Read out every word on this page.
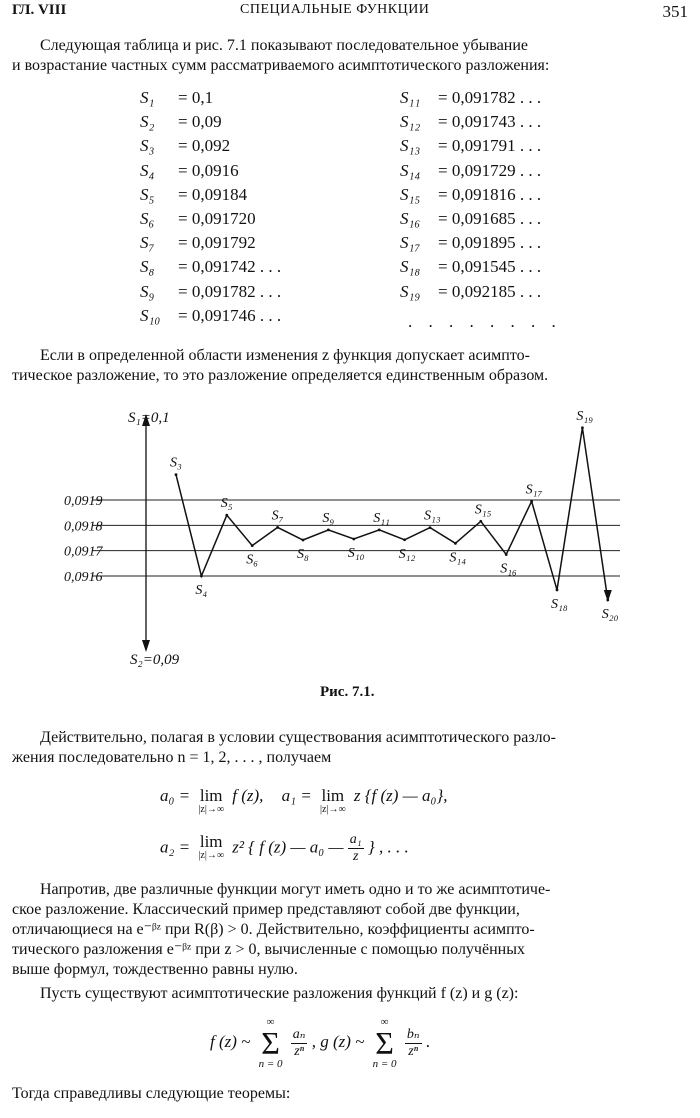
ГЛ. VIII	СПЕЦИАЛЬНЫЕ ФУНКЦИИ	351
Следующая таблица и рис. 7.1 показывают последовательное убывание
и возрастание частных сумм рассматриваемого асимптотического разложения:
S₁ = 0,1
S₂ = 0,09
S₃ = 0,092
S₄ = 0,0916
S₅ = 0,09184
S₆ = 0,091720
S₇ = 0,091792
S₈ = 0,091742 . . .
S₉ = 0,091782 . . .
S₁₀ = 0,091746 . . .
S₁₁ = 0,091782 . . .
S₁₂ = 0,091743 . . .
S₁₃ = 0,091791 . . .
S₁₄ = 0,091729 . . .
S₁₅ = 0,091816 . . .
S₁₆ = 0,091685 . . .
S₁₇ = 0,091895 . . .
S₁₈ = 0,091545 . . .
S₁₉ = 0,092185 . . .
. . . . . . . .
Если в определенной области изменения z функция допускает асимпто-
тическое разложение, то это разложение определяется единственным образом.
0,0919
0,0918
0,0917
0,0916
S₁=0,1
S₂=0,09
S₃
S₄
S₅
S₆
S₇
S₈
S₉
S₁₀
S₁₁
S₁₂
S₁₃
S₁₄
S₁₅
S₁₆
S₁₇
S₁₈
S₁₉
S₂₀
Рис. 7.1.
Действительно, полагая в условии существования асимптотического разло-
жения последовательно n = 1, 2, . . . , получаем
a₀ = lim
|z|→∞
f (z), a₁ = lim
|z|→∞
z {f (z) — a₀},
a₂ = lim
|z|→∞ z² { f (z) — a₀ — $\frac{\text{a₁}}{z}$ } , . . .
Напротив, две различные функции могут иметь одно и то же асимптотиче-
ское разложение. Классический пример представляют собой две функции,
отличающиеся на e⁻ᵝᶻ при R(β) > 0. Действительно, коэффициенты асимпто-
тического разложения e⁻ᵝᶻ при z > 0, вычисленные с помощью получённых
выше формул, тождественно равны нулю.
Пусть существуют асимптотические разложения функций f (z) и g (z):
f (z) ~
∞
Σ
n = 0

$\frac{\text{aₙ}}{\text{zⁿ}}$ , g (z) ~
∞
Σ
n = 0

$\frac{\text{bₙ}}{\text{zⁿ}}$ .
Тогда справедливы следующие теоремы:
